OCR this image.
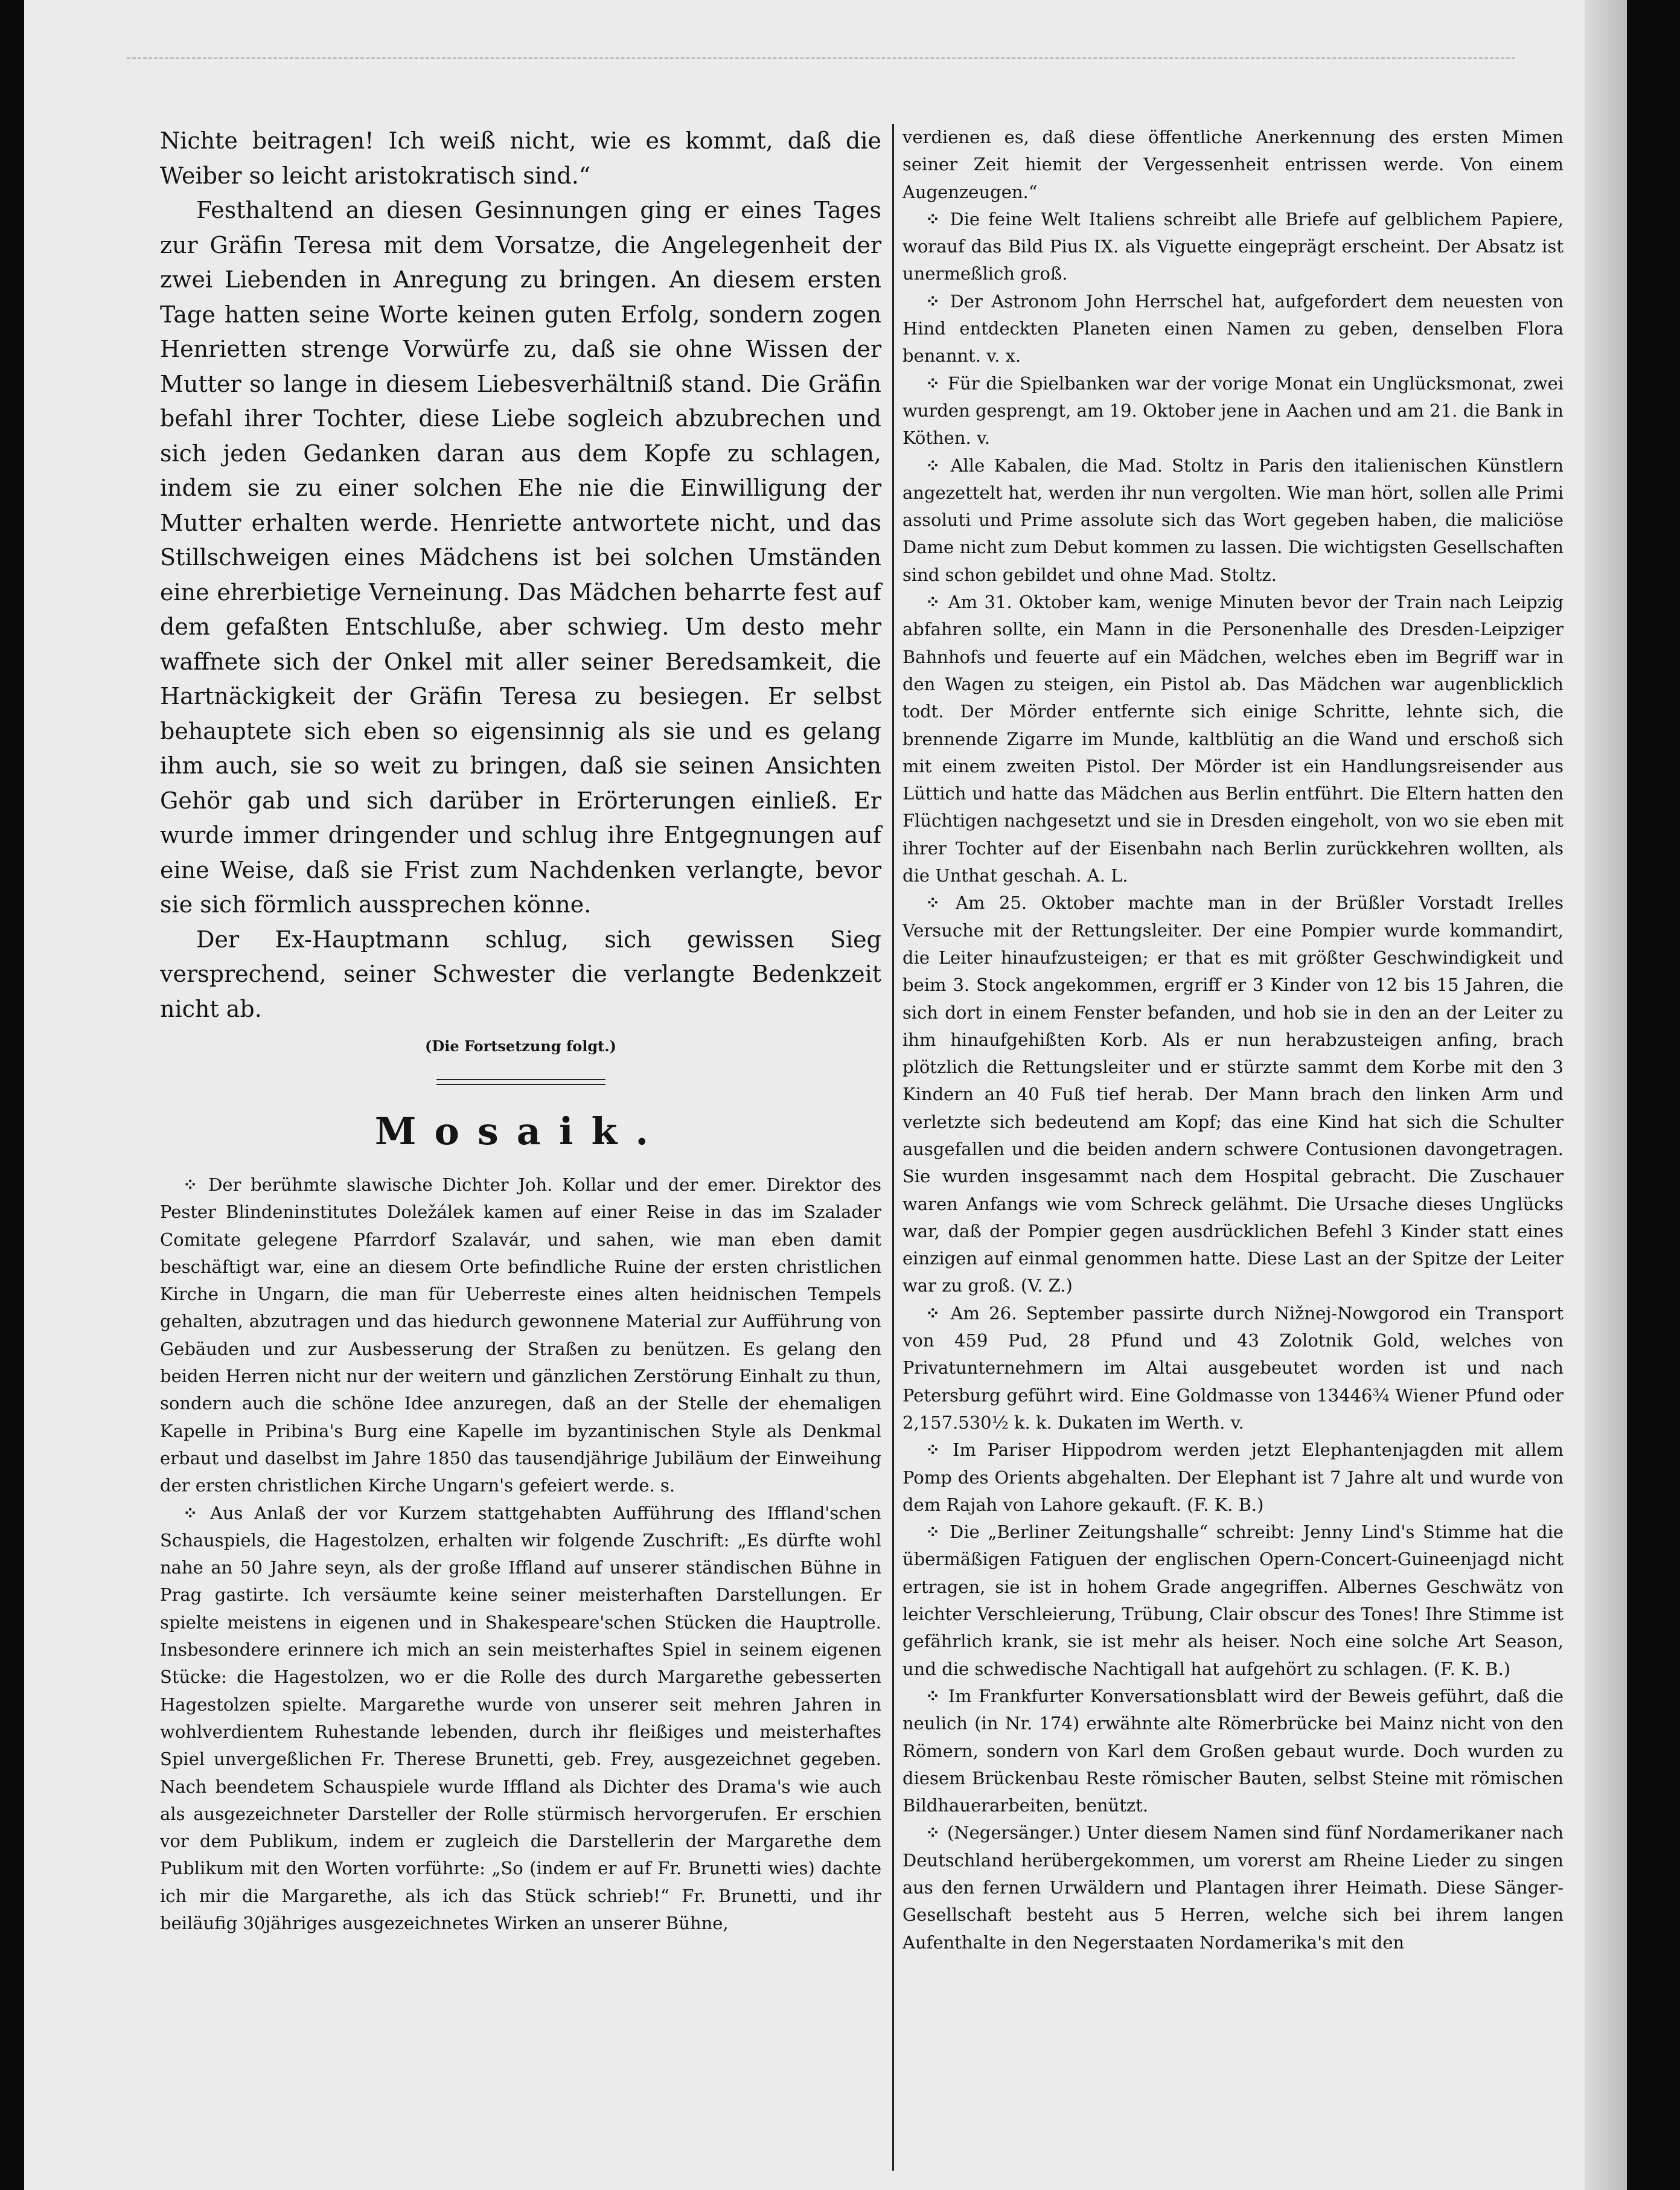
Nichte beitragen! Ich weiß nicht, wie es kommt, daß die Weiber so leicht aristokratisch sind.“

Festhaltend an diesen Gesinnungen ging er eines Tages zur Gräfin Teresa mit dem Vorsatze, die Angelegenheit der zwei Liebenden in Anregung zu bringen. An diesem ersten Tage hatten seine Worte keinen guten Erfolg, sondern zogen Henrietten strenge Vorwürfe zu, daß sie ohne Wissen der Mutter so lange in diesem Liebesverhältniß stand. Die Gräfin befahl ihrer Tochter, diese Liebe sogleich abzubrechen und sich jeden Gedanken daran aus dem Kopfe zu schlagen, indem sie zu einer solchen Ehe nie die Einwilligung der Mutter erhalten werde. Henriette antwortete nicht, und das Stillschweigen eines Mädchens ist bei solchen Umständen eine ehrerbietige Verneinung. Das Mädchen beharrte fest auf dem gefaßten Entschluße, aber schwieg. Um desto mehr waffnete sich der Onkel mit aller seiner Beredsamkeit, die Hartnäckigkeit der Gräfin Teresa zu besiegen. Er selbst behauptete sich eben so eigensinnig als sie und es gelang ihm auch, sie so weit zu bringen, daß sie seinen Ansichten Gehör gab und sich darüber in Erörterungen einließ. Er wurde immer dringender und schlug ihre Entgegnungen auf eine Weise, daß sie Frist zum Nachdenken verlangte, bevor sie sich förmlich aussprechen könne.

Der Ex-Hauptmann schlug, sich gewissen Sieg versprechend, seiner Schwester die verlangte Bedenkzeit nicht ab.

(Die Fortsetzung folgt.)
Mosaik.

⁘ Der berühmte slawische Dichter Joh. Kollar und der emer. Direktor des Pester Blindeninstitutes Doležálek kamen auf einer Reise in das im Szalader Comitate gelegene Pfarrdorf Szalavár, und sahen, wie man eben damit beschäftigt war, eine an diesem Orte befindliche Ruine der ersten christlichen Kirche in Ungarn, die man für Ueberreste eines alten heidnischen Tempels gehalten, abzutragen und das hiedurch gewonnene Material zur Aufführung von Gebäuden und zur Ausbesserung der Straßen zu benützen. Es gelang den beiden Herren nicht nur der weitern und gänzlichen Zerstörung Einhalt zu thun, sondern auch die schöne Idee anzuregen, daß an der Stelle der ehemaligen Kapelle in Pribina's Burg eine Kapelle im byzantinischen Style als Denkmal erbaut und daselbst im Jahre 1850 das tausendjährige Jubiläum der Einweihung der ersten christlichen Kirche Ungarn's gefeiert werde. s.

⁘ Aus Anlaß der vor Kurzem stattgehabten Aufführung des Iffland'schen Schauspiels, die Hagestolzen, erhalten wir folgende Zuschrift: „Es dürfte wohl nahe an 50 Jahre seyn, als der große Iffland auf unserer ständischen Bühne in Prag gastirte. Ich versäumte keine seiner meisterhaften Darstellungen. Er spielte meistens in eigenen und in Shakespeare'schen Stücken die Hauptrolle. Insbesondere erinnere ich mich an sein meisterhaftes Spiel in seinem eigenen Stücke: die Hagestolzen, wo er die Rolle des durch Margarethe gebesserten Hagestolzen spielte. Margarethe wurde von unserer seit mehren Jahren in wohlverdientem Ruhestande lebenden, durch ihr fleißiges und meisterhaftes Spiel unvergeßlichen Fr. Therese Brunetti, geb. Frey, ausgezeichnet gegeben. Nach beendetem Schauspiele wurde Iffland als Dichter des Drama's wie auch als ausgezeichneter Darsteller der Rolle stürmisch hervorgerufen. Er erschien vor dem Publikum, indem er zugleich die Darstellerin der Margarethe dem Publikum mit den Worten vorführte: „So (indem er auf Fr. Brunetti wies) dachte ich mir die Margarethe, als ich das Stück schrieb!“ Fr. Brunetti, und ihr beiläufig 30jähriges ausgezeichnetes Wirken an unserer Bühne,

verdienen es, daß diese öffentliche Anerkennung des ersten Mimen seiner Zeit hiemit der Vergessenheit entrissen werde. Von einem Augenzeugen.“

⁘ Die feine Welt Italiens schreibt alle Briefe auf gelblichem Papiere, worauf das Bild Pius IX. als Viguette eingeprägt erscheint. Der Absatz ist unermeßlich groß.

⁘ Der Astronom John Herrschel hat, aufgefordert dem neuesten von Hind entdeckten Planeten einen Namen zu geben, denselben Flora benannt. v. x.

⁘ Für die Spielbanken war der vorige Monat ein Unglücksmonat, zwei wurden gesprengt, am 19. Oktober jene in Aachen und am 21. die Bank in Köthen. v.

⁘ Alle Kabalen, die Mad. Stoltz in Paris den italienischen Künstlern angezettelt hat, werden ihr nun vergolten. Wie man hört, sollen alle Primi assoluti und Prime assolute sich das Wort gegeben haben, die maliciöse Dame nicht zum Debut kommen zu lassen. Die wichtigsten Gesellschaften sind schon gebildet und ohne Mad. Stoltz.

⁘ Am 31. Oktober kam, wenige Minuten bevor der Train nach Leipzig abfahren sollte, ein Mann in die Personenhalle des Dresden-Leipziger Bahnhofs und feuerte auf ein Mädchen, welches eben im Begriff war in den Wagen zu steigen, ein Pistol ab. Das Mädchen war augenblicklich todt. Der Mörder entfernte sich einige Schritte, lehnte sich, die brennende Zigarre im Munde, kaltblütig an die Wand und erschoß sich mit einem zweiten Pistol. Der Mörder ist ein Handlungsreisender aus Lüttich und hatte das Mädchen aus Berlin entführt. Die Eltern hatten den Flüchtigen nachgesetzt und sie in Dresden eingeholt, von wo sie eben mit ihrer Tochter auf der Eisenbahn nach Berlin zurückkehren wollten, als die Unthat geschah. A. L.

⁘ Am 25. Oktober machte man in der Brüßler Vorstadt Irelles Versuche mit der Rettungsleiter. Der eine Pompier wurde kommandirt, die Leiter hinaufzusteigen; er that es mit größter Geschwindigkeit und beim 3. Stock angekommen, ergriff er 3 Kinder von 12 bis 15 Jahren, die sich dort in einem Fenster befanden, und hob sie in den an der Leiter zu ihm hinaufgehißten Korb. Als er nun herabzusteigen anfing, brach plötzlich die Rettungsleiter und er stürzte sammt dem Korbe mit den 3 Kindern an 40 Fuß tief herab. Der Mann brach den linken Arm und verletzte sich bedeutend am Kopf; das eine Kind hat sich die Schulter ausgefallen und die beiden andern schwere Contusionen davongetragen. Sie wurden insgesammt nach dem Hospital gebracht. Die Zuschauer waren Anfangs wie vom Schreck gelähmt. Die Ursache dieses Unglücks war, daß der Pompier gegen ausdrücklichen Befehl 3 Kinder statt eines einzigen auf einmal genommen hatte. Diese Last an der Spitze der Leiter war zu groß. (V. Z.)

⁘ Am 26. September passirte durch Nižnej-Nowgorod ein Transport von 459 Pud, 28 Pfund und 43 Zolotnik Gold, welches von Privatunternehmern im Altai ausgebeutet worden ist und nach Petersburg geführt wird. Eine Goldmasse von 13446¾ Wiener Pfund oder 2,157.530½ k. k. Dukaten im Werth. v.

⁘ Im Pariser Hippodrom werden jetzt Elephantenjagden mit allem Pomp des Orients abgehalten. Der Elephant ist 7 Jahre alt und wurde von dem Rajah von Lahore gekauft. (F. K. B.)

⁘ Die „Berliner Zeitungshalle“ schreibt: Jenny Lind's Stimme hat die übermäßigen Fatiguen der englischen Opern-Concert-Guineenjagd nicht ertragen, sie ist in hohem Grade angegriffen. Albernes Geschwätz von leichter Verschleierung, Trübung, Clair obscur des Tones! Ihre Stimme ist gefährlich krank, sie ist mehr als heiser. Noch eine solche Art Season, und die schwedische Nachtigall hat aufgehört zu schlagen. (F. K. B.)

⁘ Im Frankfurter Konversationsblatt wird der Beweis geführt, daß die neulich (in Nr. 174) erwähnte alte Römerbrücke bei Mainz nicht von den Römern, sondern von Karl dem Großen gebaut wurde. Doch wurden zu diesem Brückenbau Reste römischer Bauten, selbst Steine mit römischen Bildhauerarbeiten, benützt.

⁘ (Negersänger.) Unter diesem Namen sind fünf Nordamerikaner nach Deutschland herübergekommen, um vorerst am Rheine Lieder zu singen aus den fernen Urwäldern und Plantagen ihrer Heimath. Diese Sänger-Gesellschaft besteht aus 5 Herren, welche sich bei ihrem langen Aufenthalte in den Negerstaaten Nordamerika's mit den
